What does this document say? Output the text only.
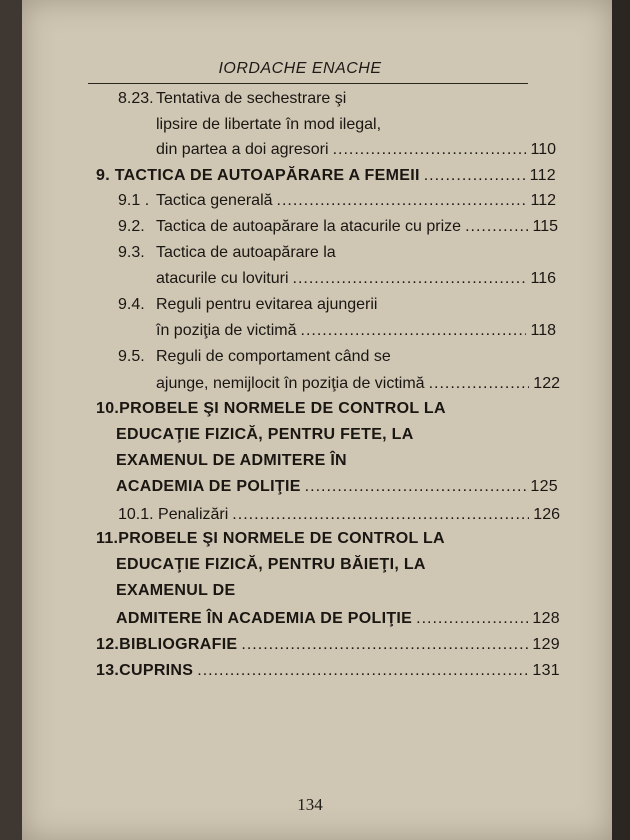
IORDACHE ENACHE
8.23. Tentativa de sechestrare şi
lipsire de libertate în mod ilegal,
din partea a doi agresori .....	110
9. TACTICA DE AUTOAPĂRARE A FEMEII .....	112
9.1 . Tactica generală .....	112
9.2. Tactica de autoapărare la atacurile cu prize .....	115
9.3. Tactica de autoapărare la
atacurile cu lovituri .....	116
9.4. Reguli pentru evitarea ajungerii
în poziţia de victimă .....	118
9.5. Reguli de comportament când se
ajunge, nemijlocit în poziţia de victimă .....	122
10.PROBELE ŞI NORMELE DE CONTROL LA
EDUCAŢIE FIZICĂ, PENTRU FETE, LA
EXAMENUL DE ADMITERE ÎN
ACADEMIA DE POLIŢIE .....	125
10.1. Penalizări .....	126
11.PROBELE ŞI NORMELE DE CONTROL LA
EDUCAŢIE FIZICĂ, PENTRU BĂIEŢI, LA
EXAMENUL DE
ADMITERE ÎN ACADEMIA DE POLIŢIE .....	128
12.BIBLIOGRAFIE .....	129
13.CUPRINS .....	131
134
